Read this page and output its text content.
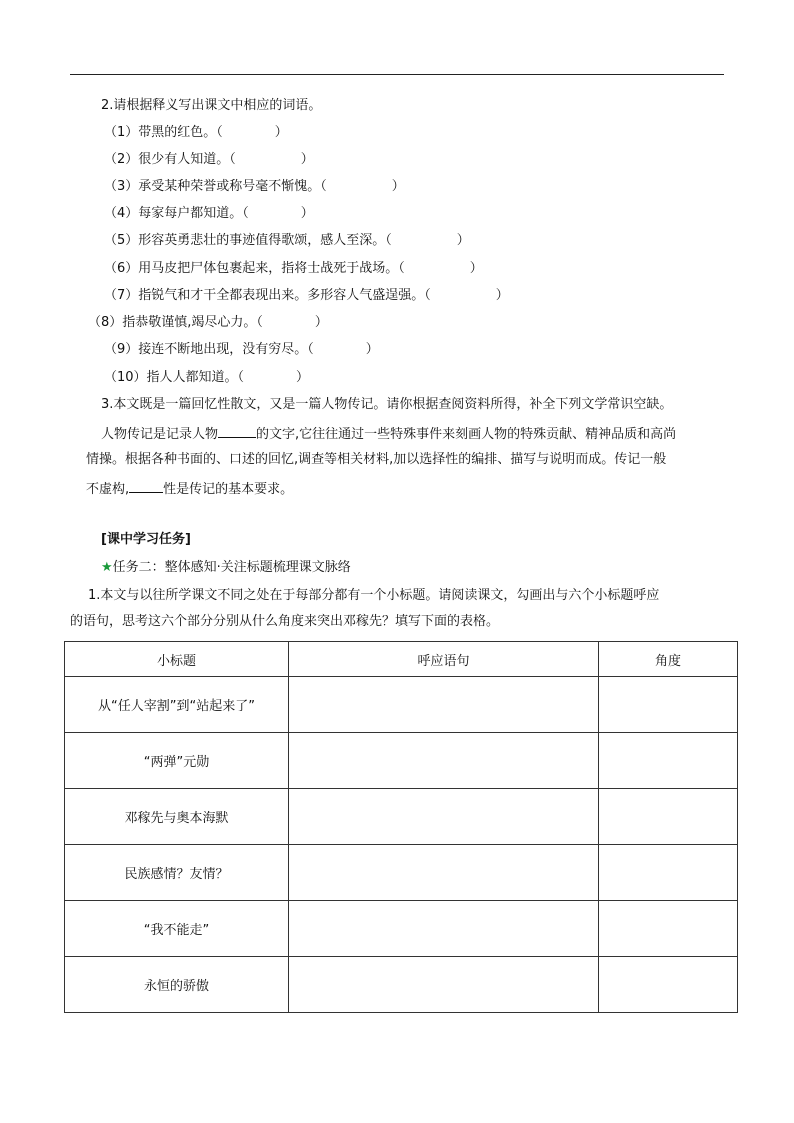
2.请根据释义写出课文中相应的词语。
（1）带黑的红色。（　　　　）
（2）很少有人知道。（　　　　　）
（3）承受某种荣誉或称号毫不惭愧。（　　　　　）
（4）每家每户都知道。（　　　　）
（5）形容英勇悲壮的事迹值得歌颂，感人至深。（　　　　　）
（6）用马皮把尸体包裹起来，指将士战死于战场。（　　　　　）
（7）指锐气和才干全都表现出来。多形容人气盛逞强。（　　　　　）
（8）指恭敬谨慎,竭尽心力。（　　　　）
（9）接连不断地出现，没有穷尽。（　　　　）
（10）指人人都知道。（　　　　）
3.本文既是一篇回忆性散文，又是一篇人物传记。请你根据查阅资料所得，补全下列文学常识空缺。
人物传记是记录人物	的文字,它往往通过一些特殊事件来刻画人物的特殊贡献、精神品质和高尚
情操。根据各种书面的、口述的回忆,调查等相关材料,加以选择性的编排、描写与说明而成。传记一般
不虚构,	性是传记的基本要求。
[课中学习任务]
★任务二：整体感知·关注标题梳理课文脉络
1.本文与以往所学课文不同之处在于每部分都有一个小标题。请阅读课文，勾画出与六个小标题呼应
的语句，思考这六个部分分别从什么角度来突出邓稼先？填写下面的表格。
小标题	呼应语句	角度
从“任人宰割”到“站起来了”		
“两弹”元勋		
邓稼先与奥本海默		
民族感情？友情？		
“我不能走”		
永恒的骄傲		
